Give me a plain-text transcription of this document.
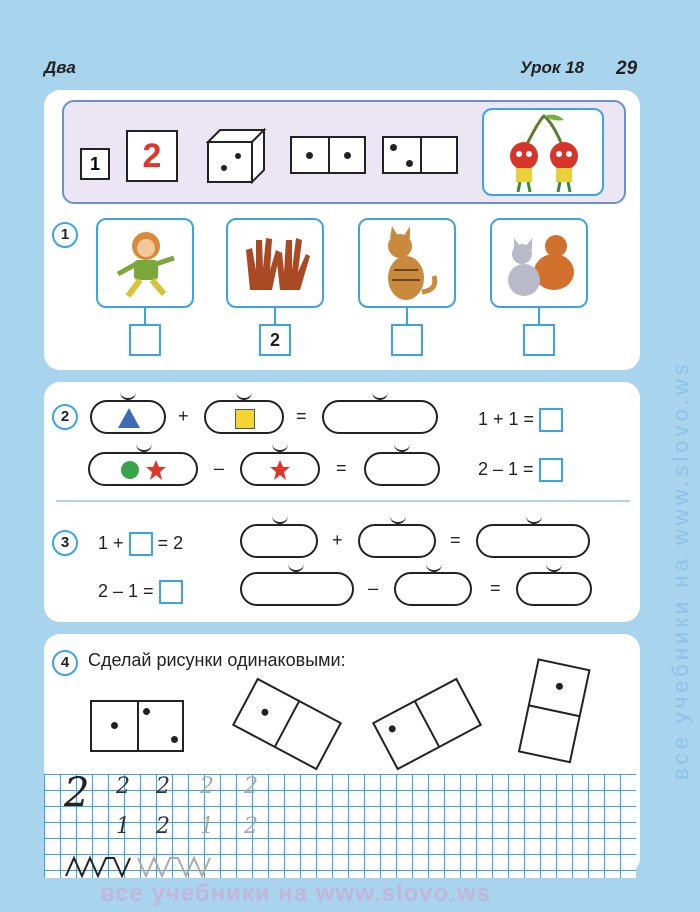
Два	Урок 18 29
1	2
1
2
2	+	=	1 + 1 =
–	=	2 – 1 =
3	1 + = 2	+	=
2 – 1 =	–	=
4	Сделай рисунки одинаковыми:
2 2 2 2 2
1 2 1 2
все учебники на www.slovo.ws
все учебники на www.slovo.ws
